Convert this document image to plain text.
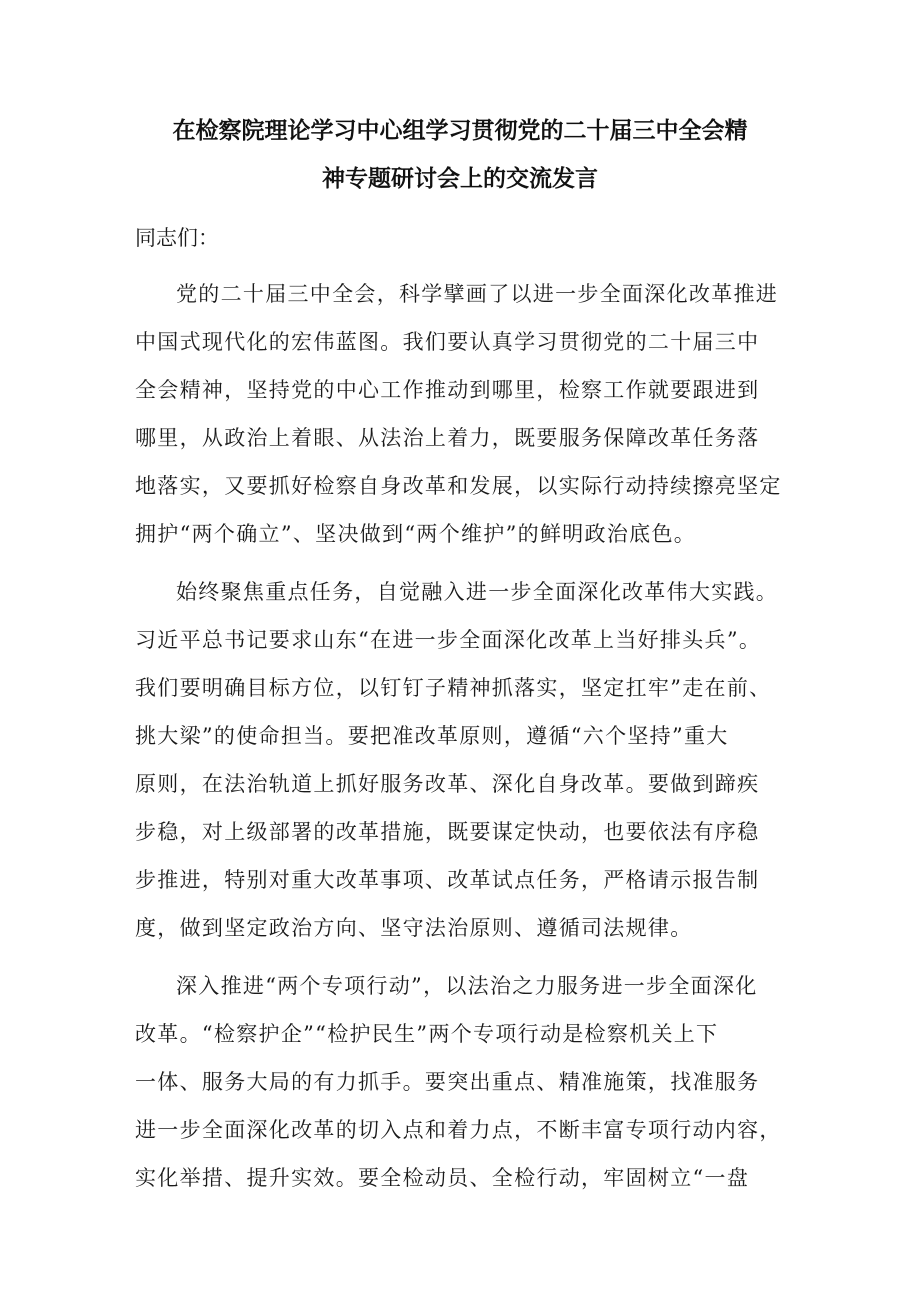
在检察院理论学习中心组学习贯彻党的二十届三中全会精
神专题研讨会上的交流发言

同志们：

党的二十届三中全会，科学擘画了以进一步全面深化改革推进

中国式现代化的宏伟蓝图。我们要认真学习贯彻党的二十届三中

全会精神，坚持党的中心工作推动到哪里，检察工作就要跟进到

哪里，从政治上着眼、从法治上着力，既要服务保障改革任务落

地落实，又要抓好检察自身改革和发展，以实际行动持续擦亮坚定

拥护“两个确立”、坚决做到“两个维护”的鲜明政治底色。

始终聚焦重点任务，自觉融入进一步全面深化改革伟大实践。

习近平总书记要求山东“在进一步全面深化改革上当好排头兵”。

我们要明确目标方位，以钉钉子精神抓落实，坚定扛牢”走在前、

挑大梁”的使命担当。要把准改革原则，遵循“六个坚持”重大

原则，在法治轨道上抓好服务改革、深化自身改革。要做到蹄疾

步稳，对上级部署的改革措施，既要谋定快动，也要依法有序稳

步推进，特别对重大改革事项、改革试点任务，严格请示报告制

度，做到坚定政治方向、坚守法治原则、遵循司法规律。

深入推进“两个专项行动”，以法治之力服务进一步全面深化

改革。“检察护企”“检护民生”两个专项行动是检察机关上下

一体、服务大局的有力抓手。要突出重点、精准施策，找准服务

进一步全面深化改革的切入点和着力点，不断丰富专项行动内容，

实化举措、提升实效。要全检动员、全检行动，牢固树立“一盘
